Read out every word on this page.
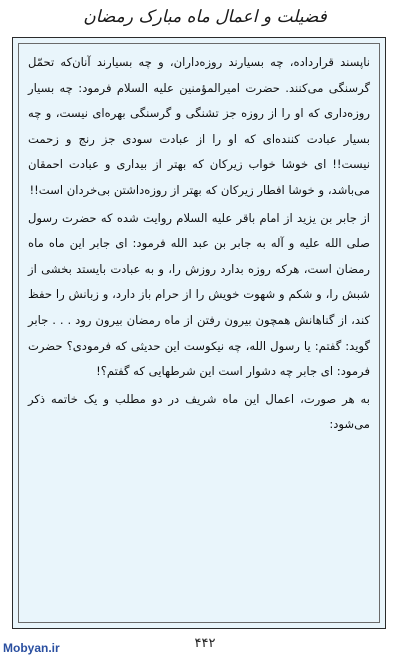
فضیلت و اعمال ماه مبارک رمضان

ناپسند قرارداده، چه بسیارند روزه‌داران، و چه بسیارند آنان‌که تحمّل گرسنگی می‌کنند. حضرت امیرالمؤمنین علیه السلام فرمود: چه بسیار روزه‌داری که او را از روزه جز تشنگی و گرسنگی بهره‌ای نیست، و چه بسیار عبادت کننده‌ای که او را از عبادت سودی جز رنج و زحمت نیست!! ای خوشا خواب زیرکان که بهتر از بیداری و عبادت احمقان می‌باشد، و خوشا افطار زیرکان که بهتر از روزه‌داشتن بی‌خردان است!!

از جابر بن یزید از امام باقر علیه السلام روایت شده که حضرت رسول صلی الله علیه و آله به جابر بن عبد الله فرمود: ای جابر این ماه ماه رمضان است، هرکه روزه بدارد روزش را، و به عبادت بایستد بخشی از شبش را، و شکم و شهوت خویش را از حرام باز دارد، و زبانش را حفظ کند، از گناهانش همچون بیرون رفتن از ماه رمضان بیرون رود . . . جابر گوید: گفتم: یا رسول الله، چه نیکوست این حدیثی که فرمودی؟ حضرت فرمود: ای جابر چه دشوار است این شرطهایی که گفتم؟!

به هر صورت، اعمال این ماه شریف در دو مطلب و یک خاتمه ذکر می‌شود:

۴۴۲
Mobyan.ir
